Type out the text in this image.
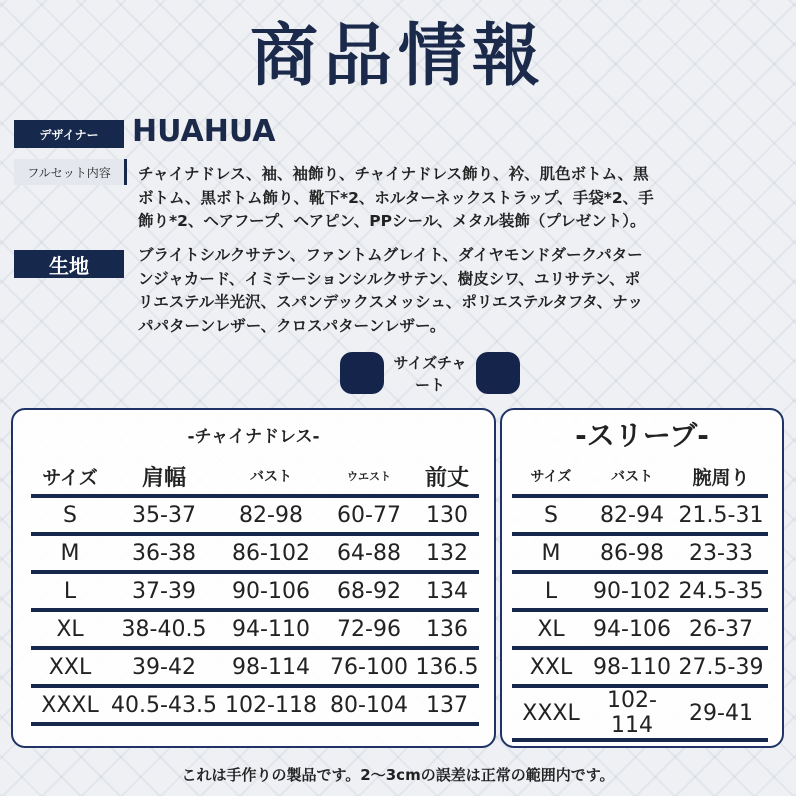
商品情報
デザイナー	HUAHUA
フルセット内容	チャイナドレス、袖、袖飾り、チャイナドレス飾り、衿、肌色ボトム、黒
ボトム、黒ボトム飾り、靴下*2、ホルターネックストラップ、手袋*2、手
飾り*2、ヘアフープ、ヘアピン、PPシール、メタル装飾（プレゼント）。
生地	ブライトシルクサテン、ファントムグレイト、ダイヤモンドダークパター
ンジャカード、イミテーションシルクサテン、樹皮シワ、ユリサテン、ポ
リエステル半光沢、スパンデックスメッシュ、ポリエステルタフタ、ナッ
パパターンレザー、クロスパターンレザー。
サイズチャ
ート
-チャイナドレス-
サイズ	肩幅	バスト	ウエスト	前丈
S	35-37	82-98	60-77	130
M	36-38	86-102	64-88	132
L	37-39	90-106	68-92	134
XL	38-40.5	94-110	72-96	136
XXL	39-42	98-114	76-100	136.5
XXXL	40.5-43.5	102-118	80-104	137
-スリーブ-
サイズ	バスト	腕周り
S	82-94	21.5-31
M	86-98	23-33
L	90-102	24.5-35
XL	94-106	26-37
XXL	98-110	27.5-39
XXXL	102-114	29-41
これは手作りの製品です。2～3cmの誤差は正常の範囲内です。
